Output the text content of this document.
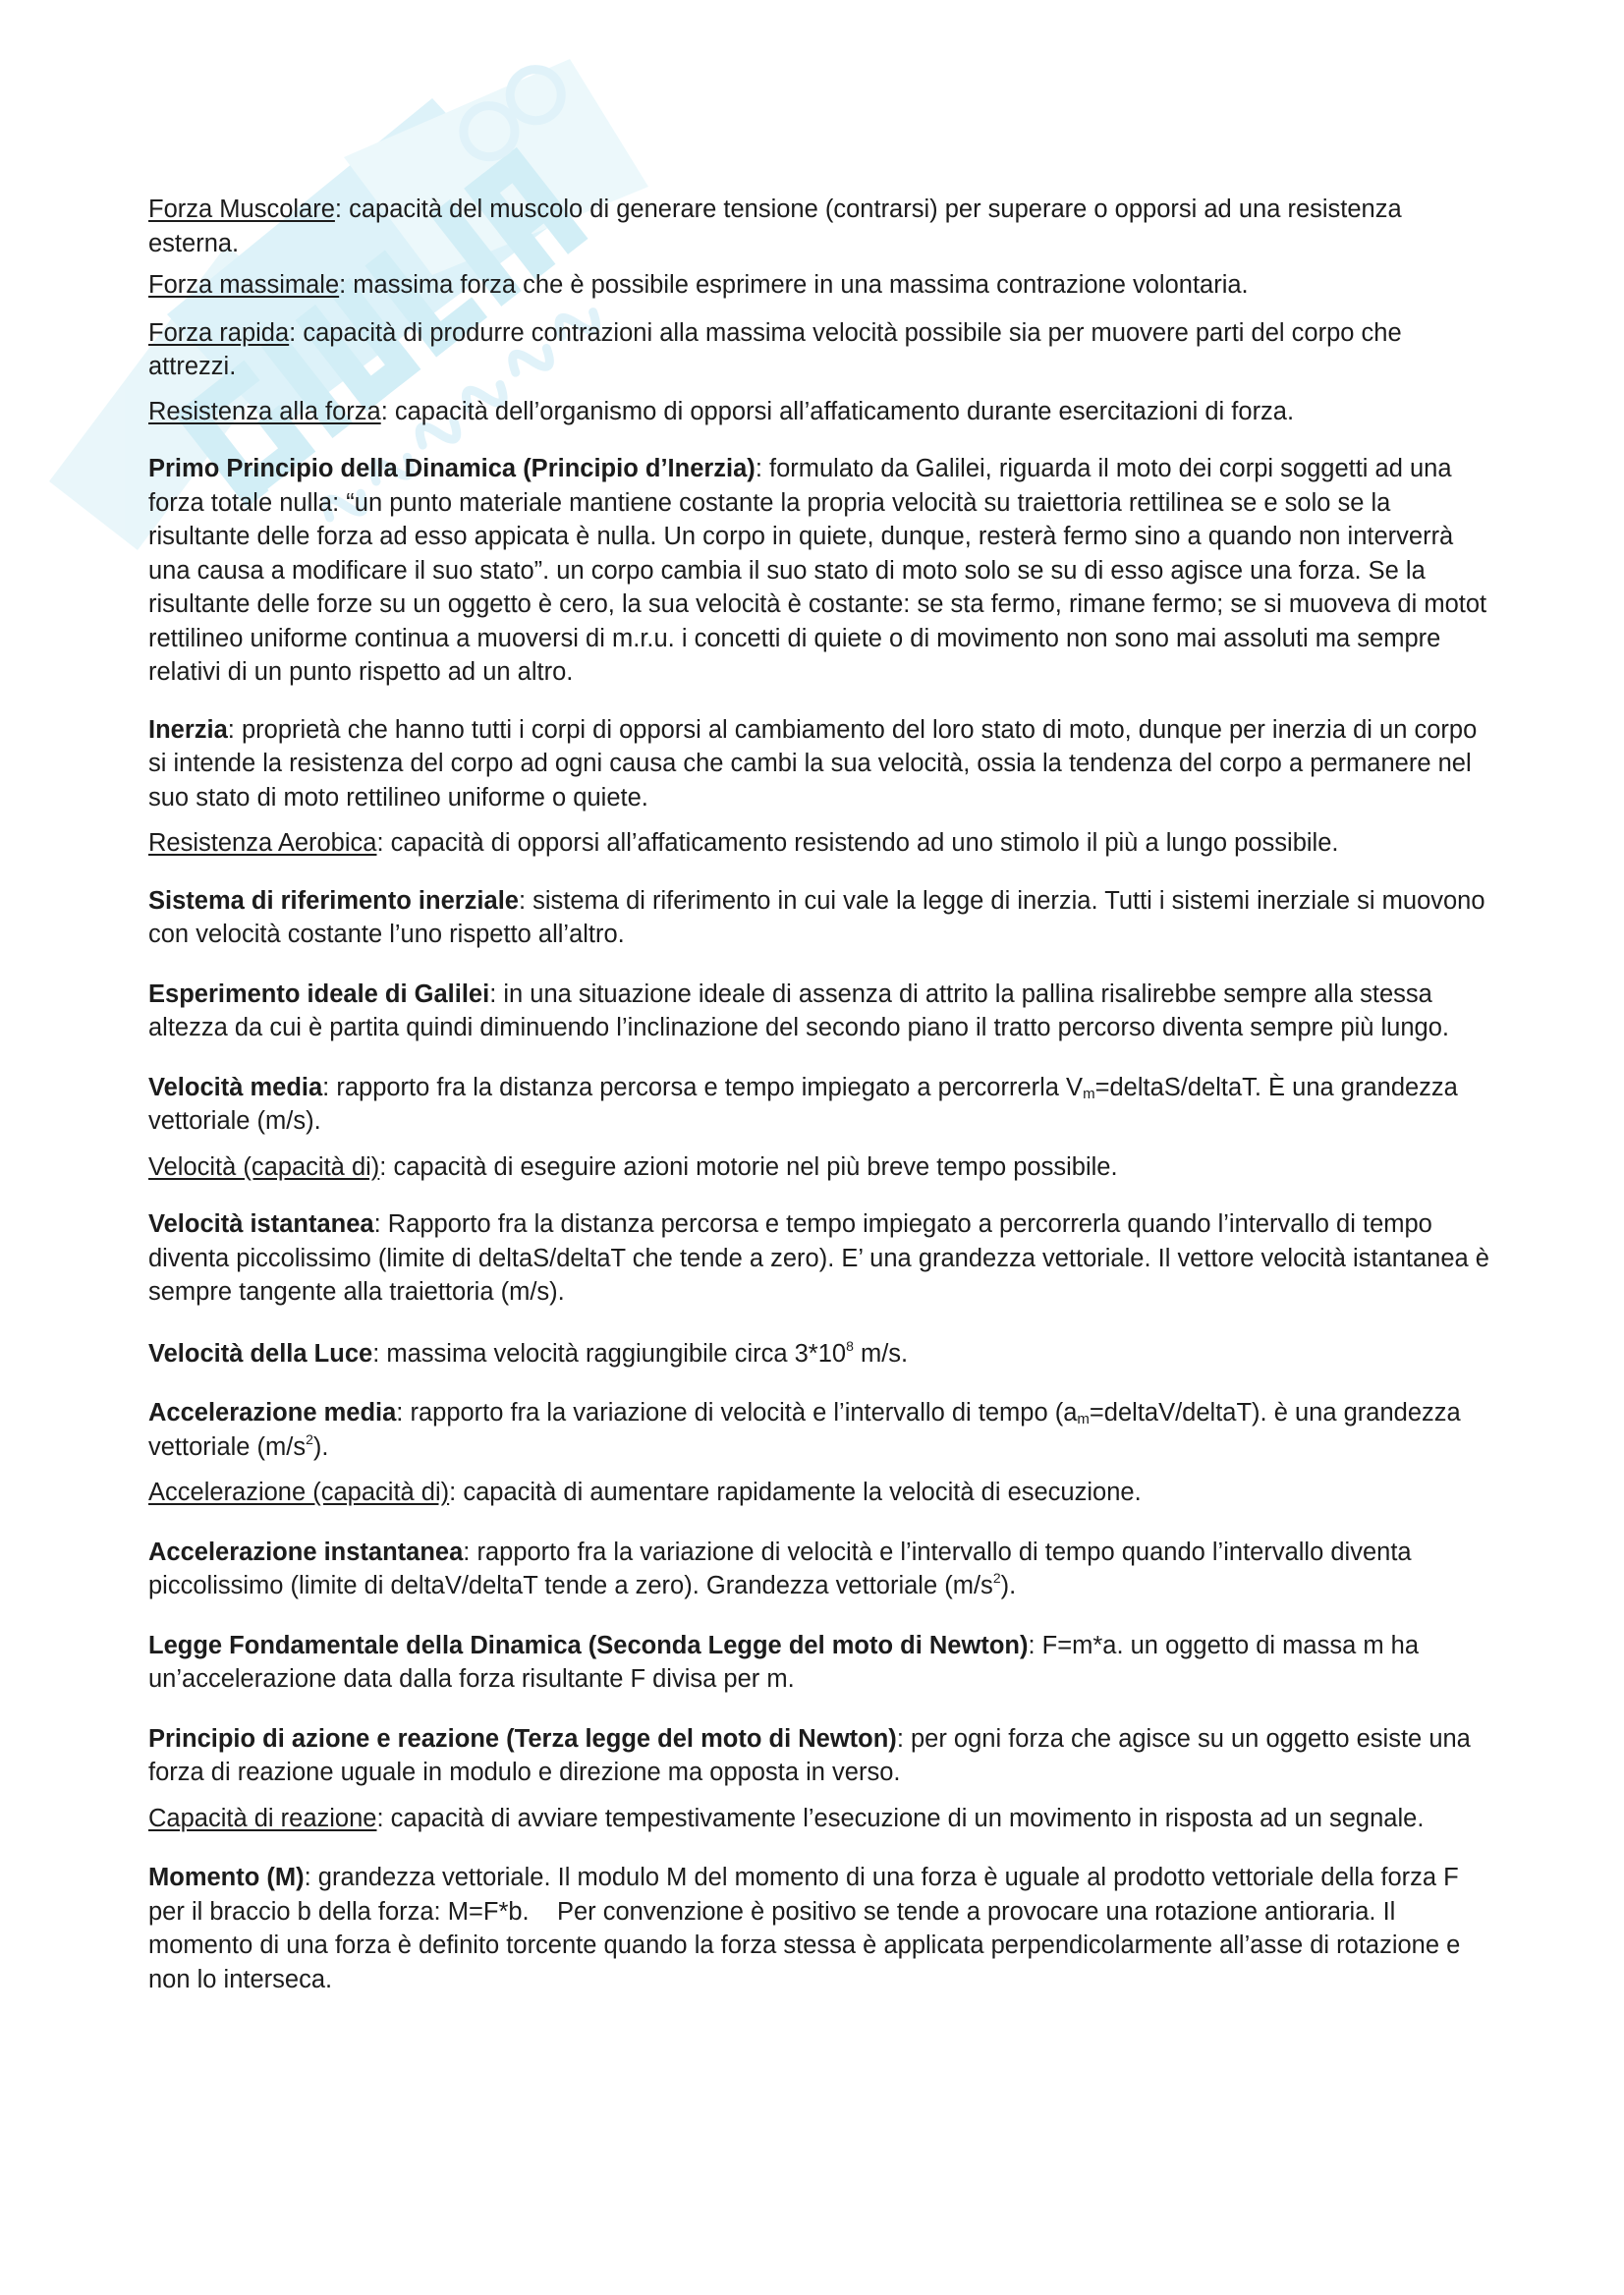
Forza Muscolare: capacità del muscolo di generare tensione (contrarsi) per superare o opporsi ad una resistenza esterna.

Forza massimale: massima forza che è possibile esprimere in una massima contrazione volontaria.

Forza rapida: capacità di produrre contrazioni alla massima velocità possibile sia per muovere parti del corpo che attrezzi.

Resistenza alla forza: capacità dell’organismo di opporsi all’affaticamento durante esercitazioni di forza.

Primo Principio della Dinamica (Principio d’Inerzia): formulato da Galilei, riguarda il moto dei corpi soggetti ad una forza totale nulla: “un punto materiale mantiene costante la propria velocità su traiettoria rettilinea se e solo se la risultante delle forza ad esso appicata è nulla. Un corpo in quiete, dunque, resterà fermo sino a quando non interverrà una causa a modificare il suo stato”. un corpo cambia il suo stato di moto solo se su di esso agisce una forza. Se la risultante delle forze su un oggetto è cero, la sua velocità è costante: se sta fermo, rimane fermo; se si muoveva di motot rettilineo uniforme continua a muoversi di m.r.u. i concetti di quiete o di movimento non sono mai assoluti ma sempre relativi di un punto rispetto ad un altro.

Inerzia: proprietà che hanno tutti i corpi di opporsi al cambiamento del loro stato di moto, dunque per inerzia di un corpo si intende la resistenza del corpo ad ogni causa che cambi la sua velocità, ossia la tendenza del corpo a permanere nel suo stato di moto rettilineo uniforme o quiete.

Resistenza Aerobica: capacità di opporsi all’affaticamento resistendo ad uno stimolo il più a lungo possibile.

Sistema di riferimento inerziale: sistema di riferimento in cui vale la legge di inerzia. Tutti i sistemi inerziale si muovono con velocità costante l’uno rispetto all’altro.

Esperimento ideale di Galilei: in una situazione ideale di assenza di attrito la pallina risalirebbe sempre alla stessa altezza da cui è partita quindi diminuendo l’inclinazione del secondo piano il tratto percorso diventa sempre più lungo.

Velocità media: rapporto fra la distanza percorsa e tempo impiegato a percorrerla $V_m=deltaS$/deltaT. È una grandezza vettoriale (m/s).

Velocità (capacità di): capacità di eseguire azioni motorie nel più breve tempo possibile.

Velocità istantanea: Rapporto fra la distanza percorsa e tempo impiegato a percorrerla quando l’intervallo di tempo diventa piccolissimo (limite di deltaS/deltaT che tende a zero). E’ una grandezza vettoriale. Il vettore velocità istantanea è sempre tangente alla traiettoria (m/s).

Velocità della Luce: massima velocità raggiungibile circa $3*10^8$ m/s.

Accelerazione media: rapporto fra la variazione di velocità e l’intervallo di tempo $(a_m=deltaV/deltaT)$. è una grandezza vettoriale $(m/s^2)$.

Accelerazione (capacità di): capacità di aumentare rapidamente la velocità di esecuzione.

Accelerazione instantanea: rapporto fra la variazione di velocità e l’intervallo di tempo quando l’intervallo diventa piccolissimo (limite di deltaV/deltaT tende a zero). Grandezza vettoriale $(m/s^2)$.

Legge Fondamentale della Dinamica (Seconda Legge del moto di Newton): F=m*a. un oggetto di massa m ha un’accelerazione data dalla forza risultante F divisa per m.

Principio di azione e reazione (Terza legge del moto di Newton): per ogni forza che agisce su un oggetto esiste una forza di reazione uguale in modulo e direzione ma opposta in verso.

Capacità di reazione: capacità di avviare tempestivamente l’esecuzione di un movimento in risposta ad un segnale.

Momento (M): grandezza vettoriale. Il modulo M del momento di una forza è uguale al prodotto vettoriale della forza F per il braccio b della forza: M=F*b.    Per convenzione è positivo se tende a provocare una rotazione antioraria. Il momento di una forza è definito torcente quando la forza stessa è applicata perpendicolarmente all’asse di rotazione e non lo interseca.
